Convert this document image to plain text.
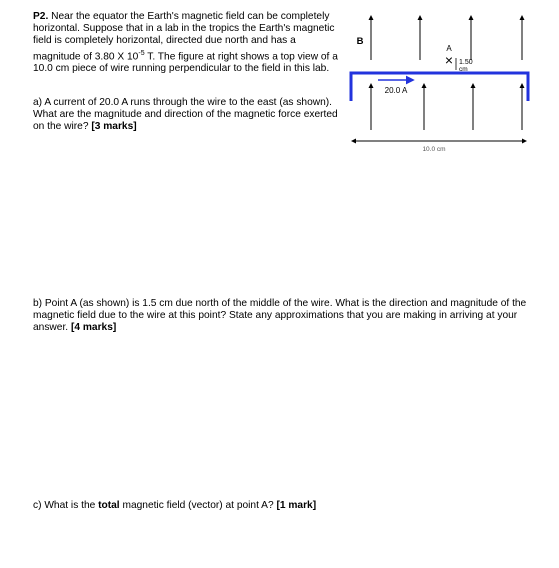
P2. Near the equator the Earth's magnetic field can be completely horizontal. Suppose that in a lab in the tropics the Earth's magnetic field is completely horizontal, directed due north and has a magnitude of 3.80 X $10^{-5}$ T. The figure at right shows a top view of a 10.0 cm piece of wire running perpendicular to the field in this lab.
a) A current of 20.0 A runs through the wire to the east (as shown). What are the magnitude and direction of the magnetic force exerted on the wire? [3 marks]
b) Point A (as shown) is 1.5 cm due north of the middle of the wire. What is the direction and magnitude of the magnetic field due to the wire at this point? State any approximations that you are making in arriving at your answer. [4 marks]
c) What is the total magnetic field (vector) at point A? [1 mark]
B
A
× 1.50
cm
20.0 A
10.0 cm
